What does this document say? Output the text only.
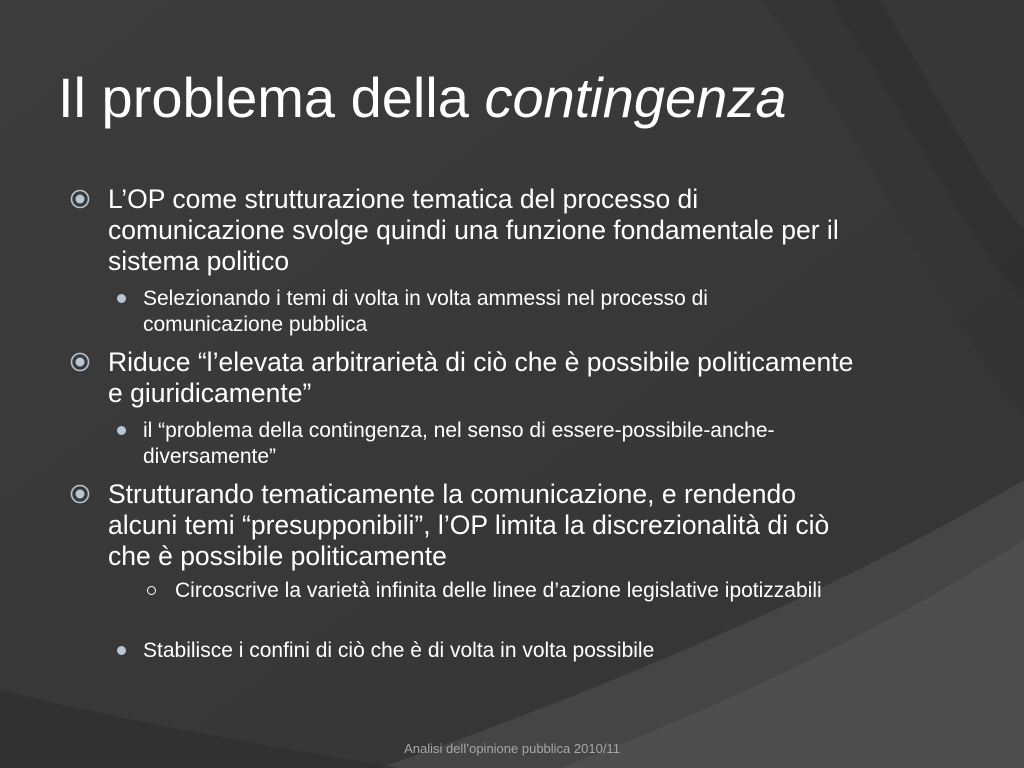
Il problema della contingenza
L’OP come strutturazione tematica del processo di comunicazione svolge quindi una funzione fondamentale per il sistema politico
Selezionando i temi di volta in volta ammessi nel processo di comunicazione pubblica
Riduce “l’elevata arbitrarietà di ciò che è possibile politicamente e giuridicamente”
il “problema della contingenza, nel senso di essere-possibile-anche-diversamente”
Strutturando tematicamente la comunicazione, e rendendo alcuni temi “presupponibili”, l’OP limita la discrezionalità di ciò che è possibile politicamente
Circoscrive la varietà infinita delle linee d’azione legislative ipotizzabili
Stabilisce i confini di ciò che è di volta in volta possibile
Analisi dell’opinione pubblica 2010/11
